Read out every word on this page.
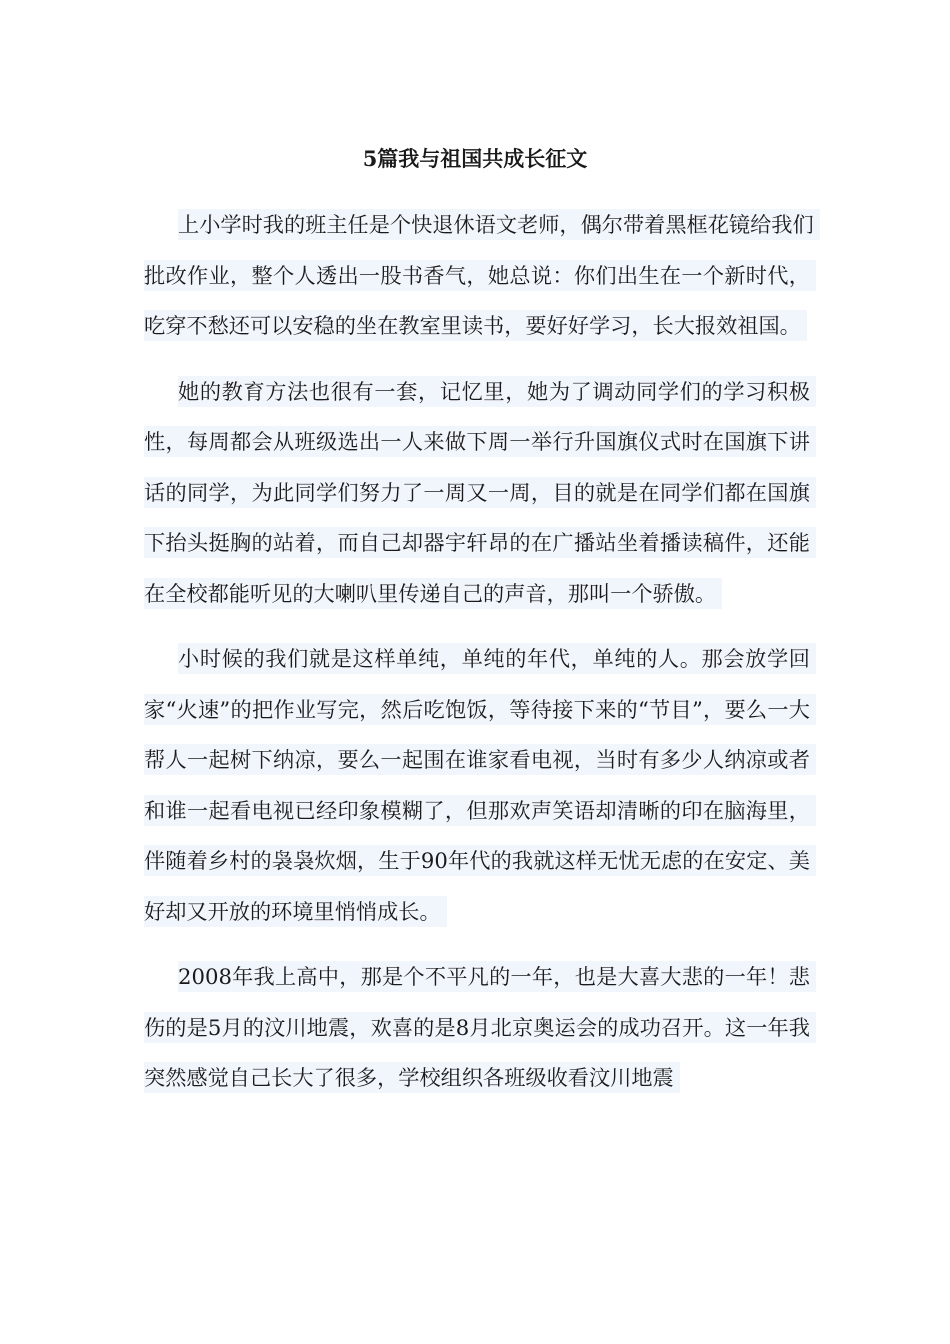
5篇我与祖国共成长征文

上小学时我的班主任是个快退休语文老师，偶尔带着黑框花镜给我们批改作业，整个人透出一股书香气，她总说：你们出生在一个新时代，吃穿不愁还可以安稳的坐在教室里读书，要好好学习，长大报效祖国。

她的教育方法也很有一套，记忆里，她为了调动同学们的学习积极性，每周都会从班级选出一人来做下周一举行升国旗仪式时在国旗下讲话的同学，为此同学们努力了一周又一周，目的就是在同学们都在国旗下抬头挺胸的站着，而自己却器宇轩昂的在广播站坐着播读稿件，还能在全校都能听见的大喇叭里传递自己的声音，那叫一个骄傲。

小时候的我们就是这样单纯，单纯的年代，单纯的人。那会放学回家“火速”的把作业写完，然后吃饱饭，等待接下来的“节目”，要么一大帮人一起树下纳凉，要么一起围在谁家看电视，当时有多少人纳凉或者和谁一起看电视已经印象模糊了，但那欢声笑语却清晰的印在脑海里，伴随着乡村的袅袅炊烟，生于90年代的我就这样无忧无虑的在安定、美好却又开放的环境里悄悄成长。

2008年我上高中，那是个不平凡的一年，也是大喜大悲的一年！悲伤的是5月的汶川地震，欢喜的是8月北京奥运会的成功召开。这一年我突然感觉自己长大了很多，学校组织各班级收看汶川地震
